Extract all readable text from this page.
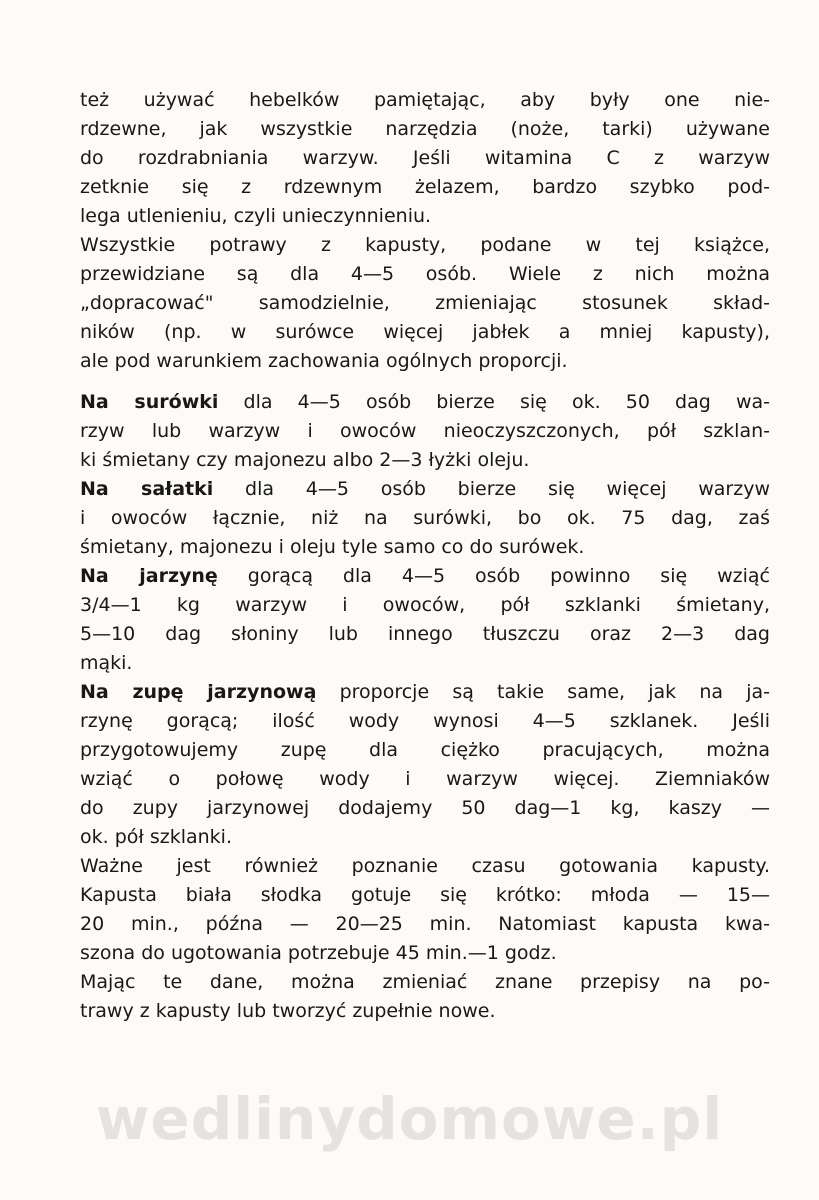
też używać hebelków pamiętając, aby były one nie-
rdzewne, jak wszystkie narzędzia (noże, tarki) używane
do rozdrabniania warzyw. Jeśli witamina C z warzyw
zetknie się z rdzewnym żelazem, bardzo szybko pod-
lega utlenieniu, czyli unieczynnieniu.

Wszystkie potrawy z kapusty, podane w tej książce,
przewidziane są dla 4—5 osób. Wiele z nich można
„dopracować" samodzielnie, zmieniając stosunek skład-
ników (np. w surówce więcej jabłek a mniej kapusty),
ale pod warunkiem zachowania ogólnych proporcji.

Na surówki dla 4—5 osób bierze się ok. 50 dag wa-
rzyw lub warzyw i owoców nieoczyszczonych, pół szklan-
ki śmietany czy majonezu albo 2—3 łyżki oleju.

Na sałatki dla 4—5 osób bierze się więcej warzyw
i owoców łącznie, niż na surówki, bo ok. 75 dag, zaś
śmietany, majonezu i oleju tyle samo co do surówek.

Na jarzynę gorącą dla 4—5 osób powinno się wziąć
3/4—1 kg warzyw i owoców, pół szklanki śmietany,
5—10 dag słoniny lub innego tłuszczu oraz 2—3 dag
mąki.

Na zupę jarzynową proporcje są takie same, jak na ja-
rzynę gorącą; ilość wody wynosi 4—5 szklanek. Jeśli
przygotowujemy zupę dla ciężko pracujących, można
wziąć o połowę wody i warzyw więcej. Ziemniaków
do zupy jarzynowej dodajemy 50 dag—1 kg, kaszy —
ok. pół szklanki.

Ważne jest również poznanie czasu gotowania kapusty.
Kapusta biała słodka gotuje się krótko: młoda — 15—
20 min., późna — 20—25 min. Natomiast kapusta kwa-
szona do ugotowania potrzebuje 45 min.—1 godz.

Mając te dane, można zmieniać znane przepisy na po-
trawy z kapusty lub tworzyć zupełnie nowe.

wedlinydomowe.pl
